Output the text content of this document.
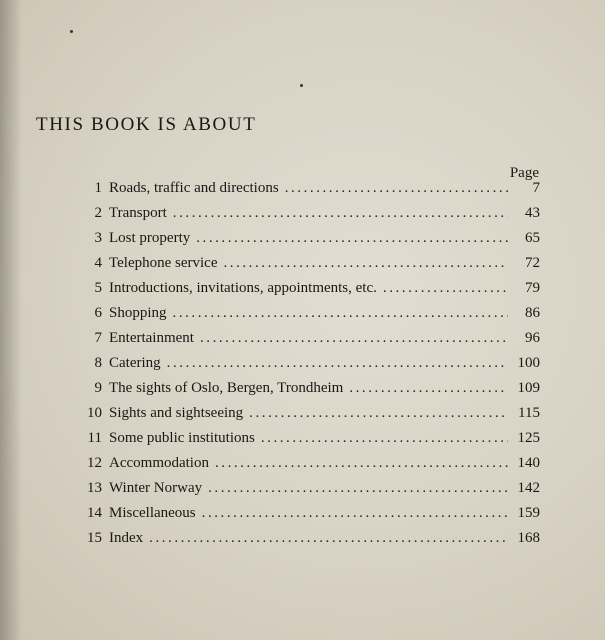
THIS BOOK IS ABOUT
Page
1 Roads, traffic and directions . . .	7
2 Transport . . .	43
3 Lost property . . .	65
4 Telephone service . . .	72
5 Introductions, invitations, appointments, etc. . . .	79
6 Shopping . . .	86
7 Entertainment . . .	96
8 Catering . . .	100
9 The sights of Oslo, Bergen, Trondheim . . .	109
10 Sights and sightseeing . . .	115
11 Some public institutions . . .	125
12 Accommodation . . .	140
13 Winter Norway . . .	142
14 Miscellaneous . . .	159
15 Index . . .	168
